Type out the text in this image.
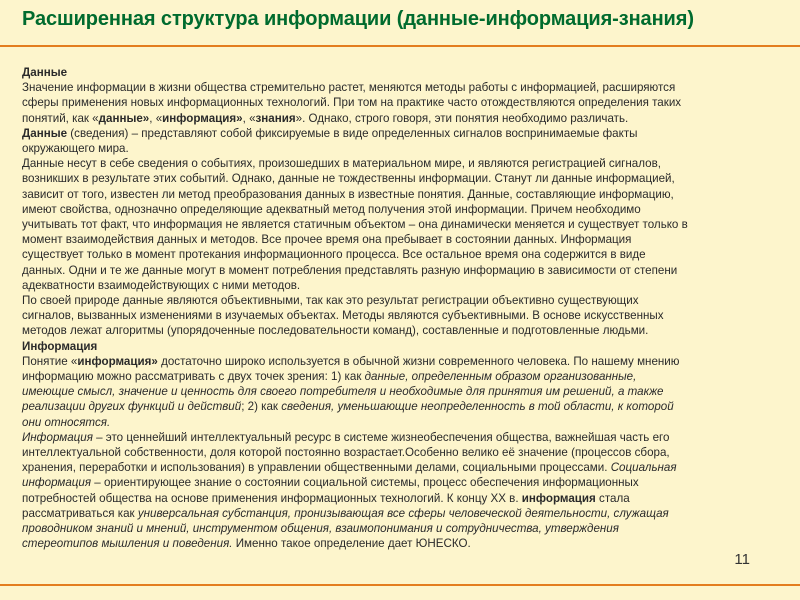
Расширенная структура информации (данные-информация-знания)
Данные
Значение информации в жизни общества стремительно растет, меняются методы работы с информацией, расширяются
сферы применения новых информационных технологий. При том на практике часто отождествляются определения таких
понятий, как «данные», «информация», «знания». Однако, строго говоря, эти понятия необходимо различать.
Данные (сведения) – представляют собой фиксируемые в виде определенных сигналов воспринимаемые факты
окружающего мира.
Данные несут в себе сведения о событиях, произошедших в материальном мире, и являются регистрацией сигналов,
возникших в результате этих событий. Однако, данные не тождественны информации. Станут ли данные информацией,
зависит от того, известен ли метод преобразования данных в известные понятия. Данные, составляющие информацию,
имеют свойства, однозначно определяющие адекватный метод получения этой информации. Причем необходимо
учитывать тот факт, что информация не является статичным объектом – она динамически меняется и существует только в
момент взаимодействия данных и методов. Все прочее время она пребывает в состоянии данных. Информация
существует только в момент протекания информационного процесса. Все остальное время она содержится в виде
данных. Одни и те же данные могут в момент потребления представлять разную информацию в зависимости от степени
адекватности взаимодействующих с ними методов.
По своей природе данные являются объективными, так как это результат регистрации объективно существующих
сигналов, вызванных изменениями в изучаемых объектах. Методы являются субъективными. В основе искусственных
методов лежат алгоритмы (упорядоченные последовательности команд), составленные и подготовленные людьми.
Информация
Понятие «информация» достаточно широко используется в обычной жизни современного человека. По нашему мнению
информацию можно рассматривать с двух точек зрения: 1) как данные, определенным образом организованные,
имеющие смысл, значение и ценность для своего потребителя и необходимые для принятия им решений, а также
реализации других функций и действий; 2) как сведения, уменьшающие неопределенность в той области, к которой
они относятся.
Информация – это ценнейший интеллектуальный ресурс в системе жизнеобеспечения общества, важнейшая часть его
интеллектуальной собственности, доля которой постоянно возрастает.Особенно велико её значение (процессов сбора,
хранения, переработки и использования) в управлении общественными делами, социальными процессами. Социальная
информация – ориентирующее знание о состоянии социальной системы, процесс обеспечения информационных
потребностей общества на основе применения информационных технологий. К концу ХХ в. информация стала
рассматриваться как универсальная субстанция, пронизывающая все сферы человеческой деятельности, служащая
проводником знаний и мнений, инструментом общения, взаимопонимания и сотрудничества, утверждения
стереотипов мышления и поведения. Именно такое определение дает ЮНЕСКО.
11
